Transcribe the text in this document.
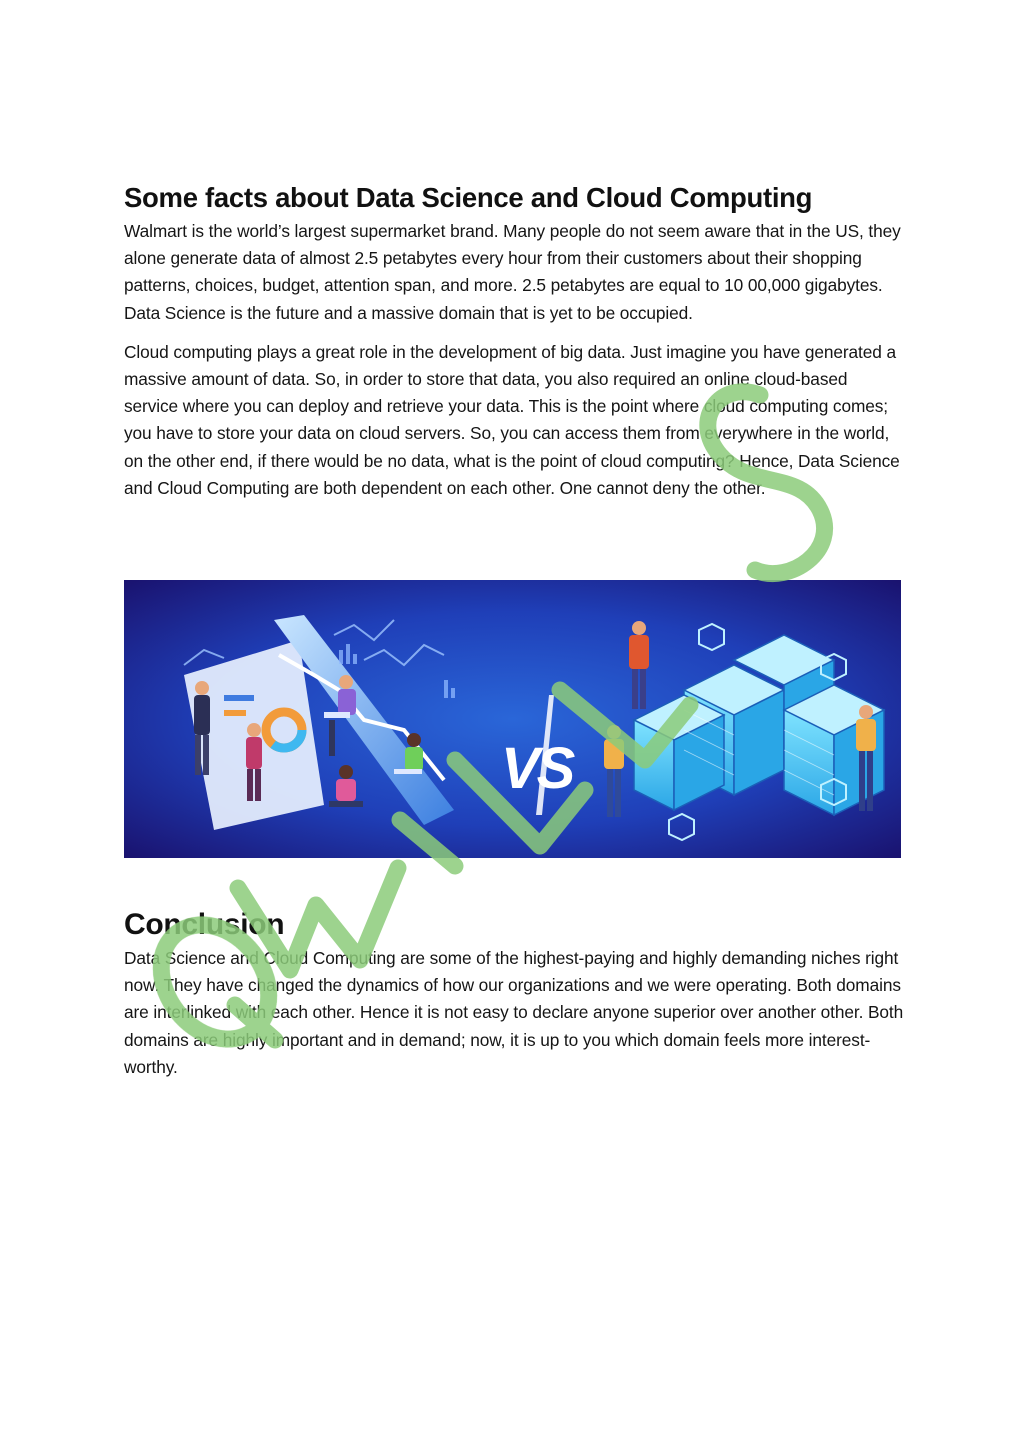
Some facts about Data Science and Cloud Computing

Walmart is the world’s largest supermarket brand. Many people do not seem aware that in the US, they alone generate data of almost 2.5 petabytes every hour from their customers about their shopping patterns, choices, budget, attention span, and more. 2.5 petabytes are equal to 10 00,000 gigabytes. Data Science is the future and a massive domain that is yet to be occupied.

Cloud computing plays a great role in the development of big data. Just imagine you have generated a massive amount of data. So, in order to store that data, you also required an online cloud-based service where you can deploy and retrieve your data. This is the point where cloud computing comes; you have to store your data on cloud servers. So, you can access them from everywhere in the world, on the other end, if there would be no data, what is the point of cloud computing? Hence, Data Science and Cloud Computing are both dependent on each other. One cannot deny the other.

VS
Conclusion

Data Science and Cloud Computing are some of the highest-paying and highly demanding niches right now. They have changed the dynamics of how our organizations and we were operating. Both domains are interlinked with each other. Hence it is not easy to declare anyone superior over another other. Both domains are highly important and in demand; now, it is up to you which domain feels more interest-worthy.
